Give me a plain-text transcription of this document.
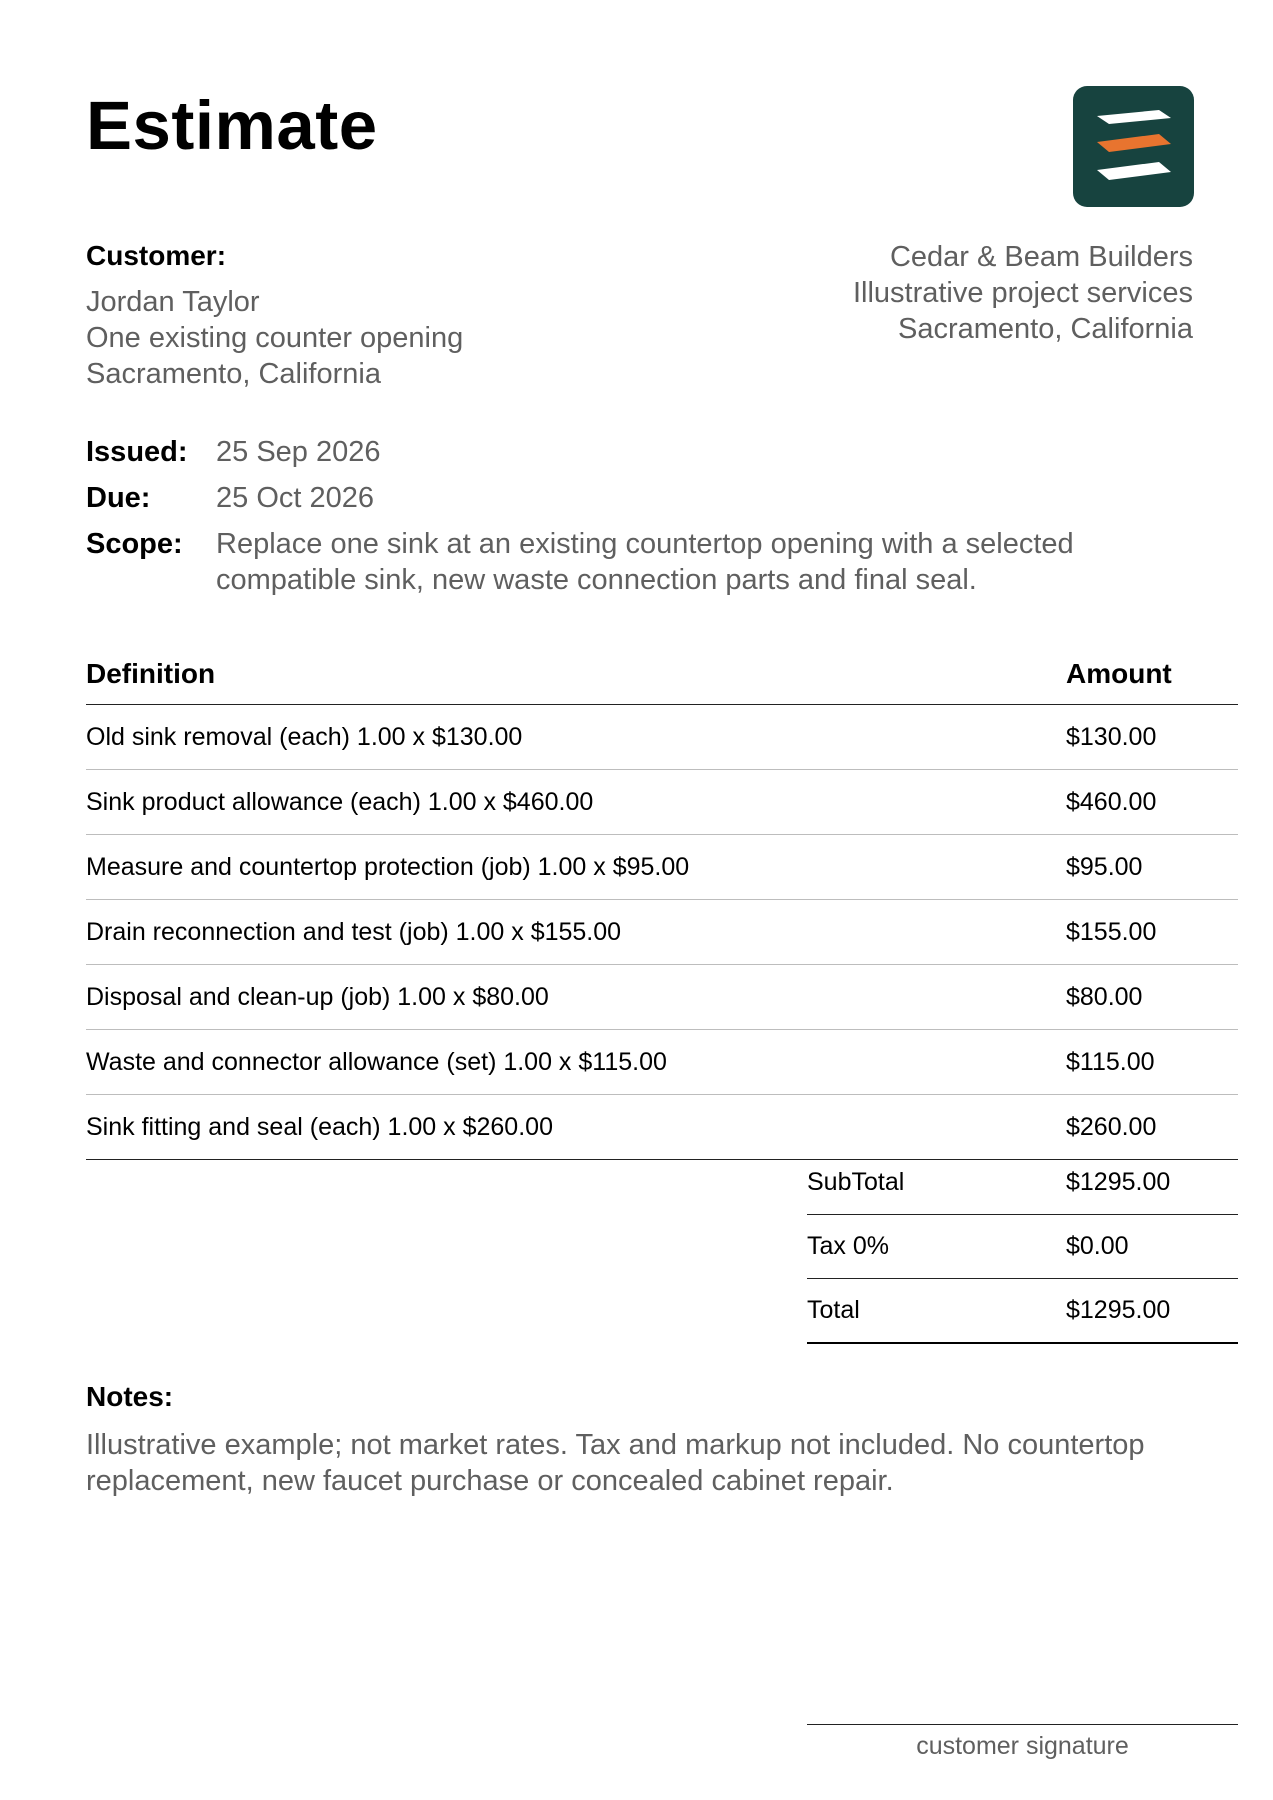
Estimate
Customer:
Jordan Taylor
One existing counter opening
Sacramento, California
Cedar & Beam Builders
Illustrative project services
Sacramento, California
Issued: 25 Sep 2026
Due:	25 Oct 2026
Scope:	Replace one sink at an existing countertop opening with a selected compatible sink, new waste connection parts and final seal.
Definition	Amount
Old sink removal (each) 1.00 x $130.00	$130.00
Sink product allowance (each) 1.00 x $460.00	$460.00
Measure and countertop protection (job) 1.00 x $95.00	$95.00
Drain reconnection and test (job) 1.00 x $155.00	$155.00
Disposal and clean-up (job) 1.00 x $80.00	$80.00
Waste and connector allowance (set) 1.00 x $115.00	$115.00
Sink fitting and seal (each) 1.00 x $260.00	$260.00
SubTotal	$1295.00
Tax 0%	$0.00
Total	$1295.00
Notes:
Illustrative example; not market rates. Tax and markup not included. No countertop replacement, new faucet purchase or concealed cabinet repair.
customer signature
